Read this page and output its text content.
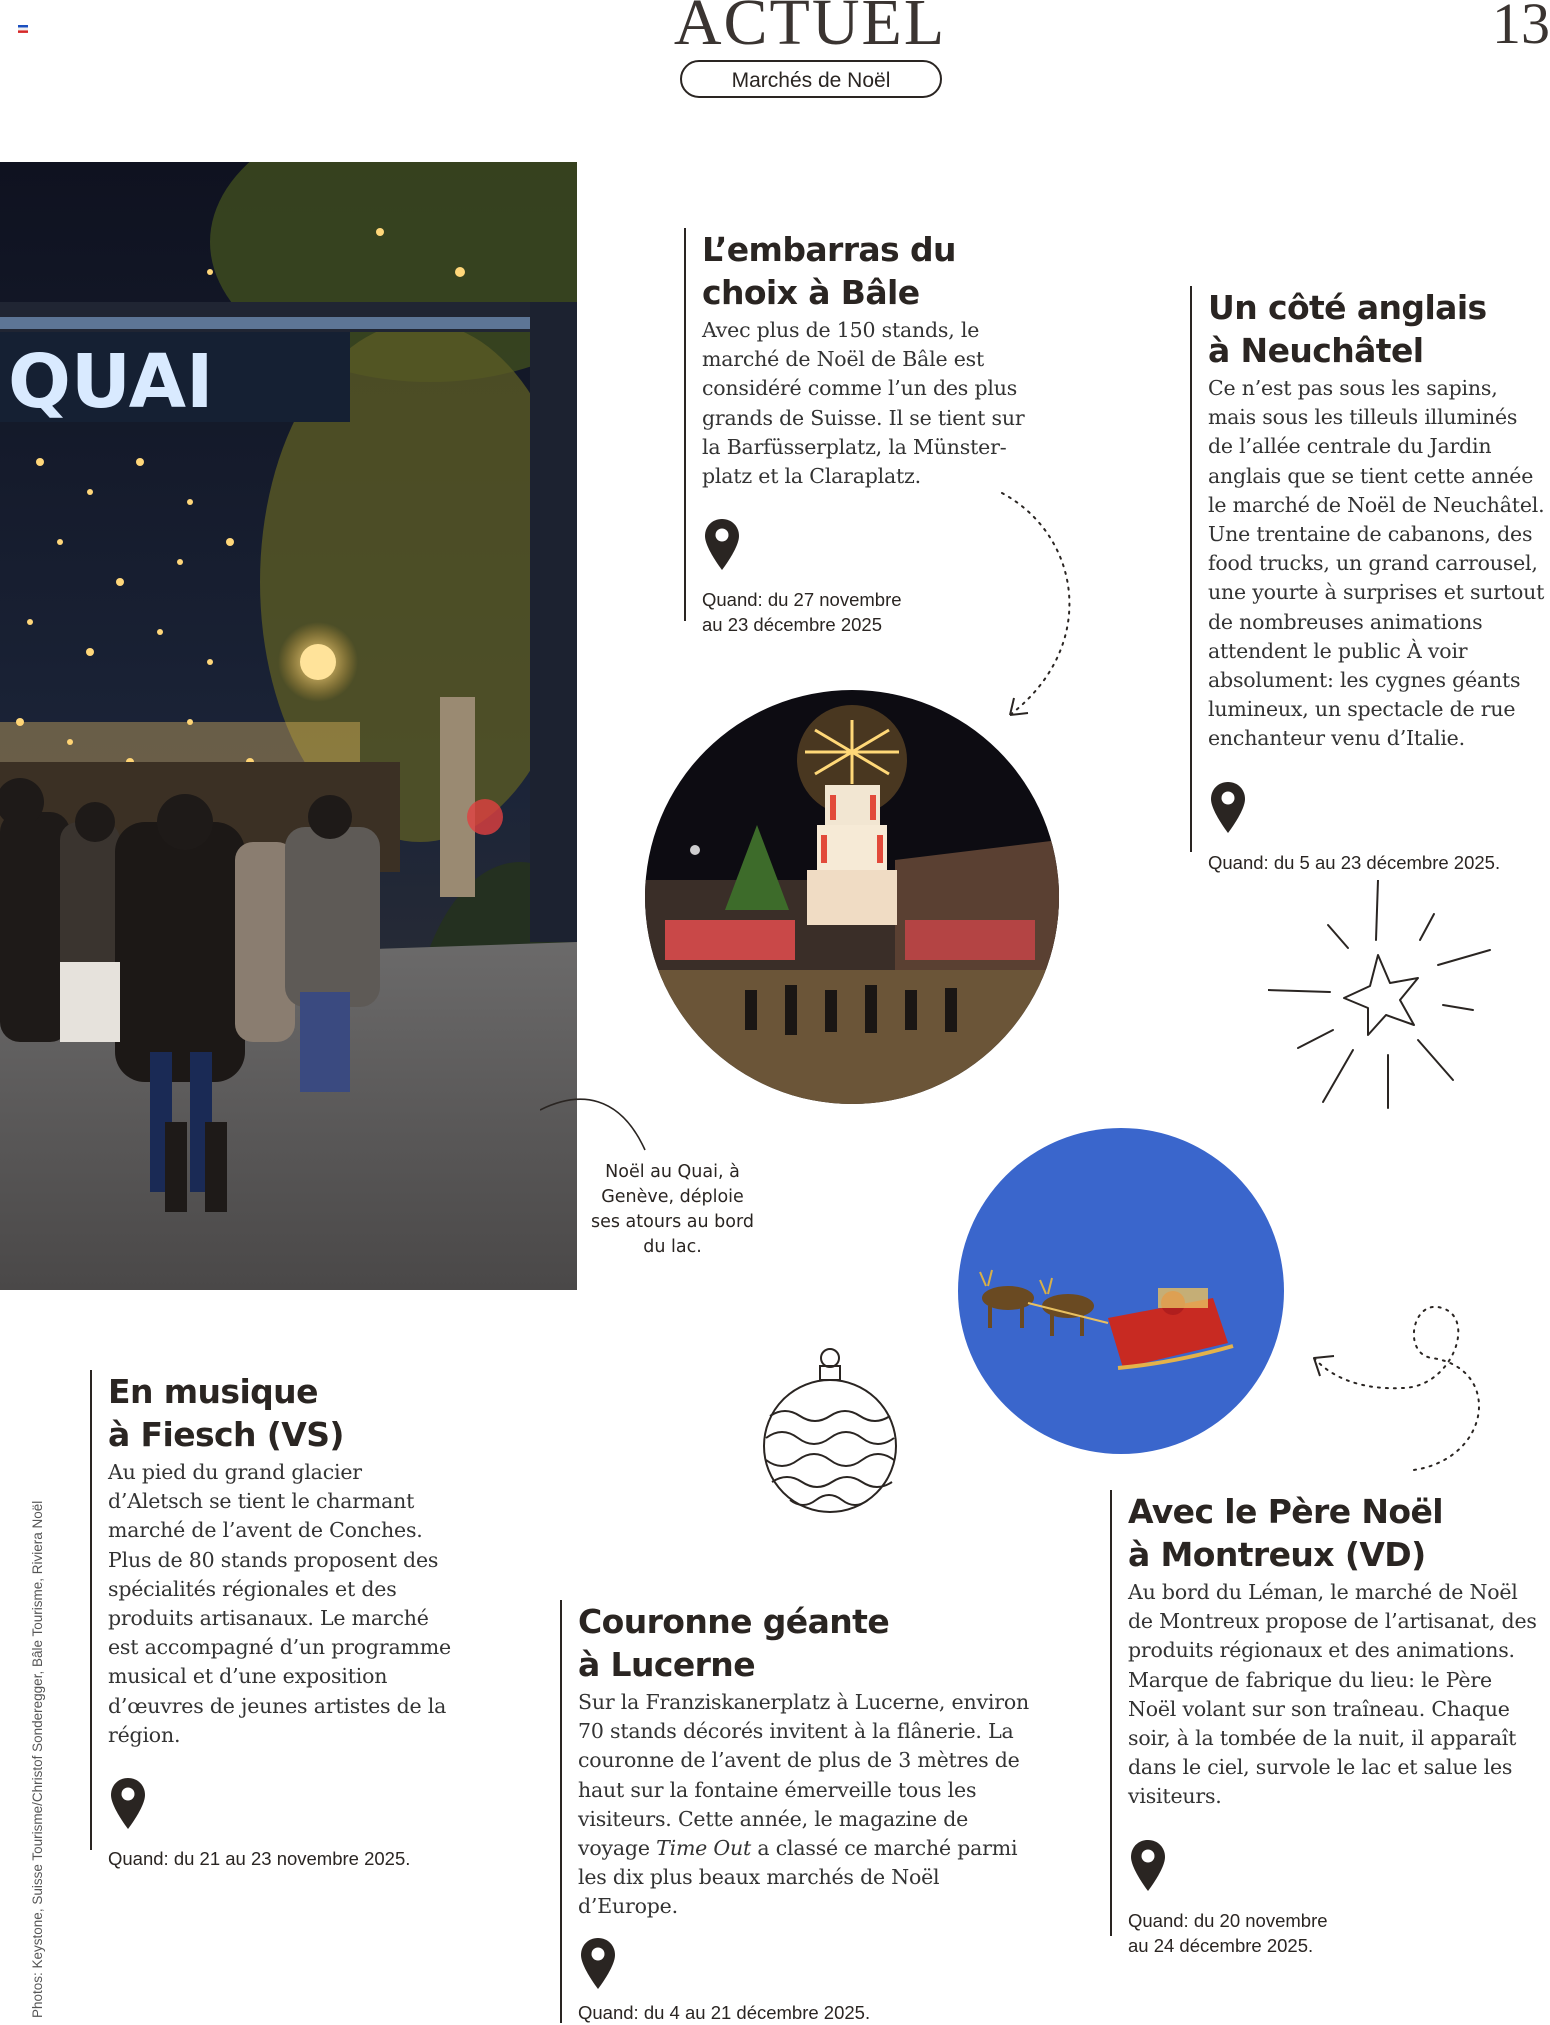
ACTUEL	13
Marchés de Noël
QUAI
Noël au Quai, à Genève, déploie ses atours au bord du lac.
L’embarras du
choix à Bâle

Avec plus de 150 stands, le marché de Noël de Bâle est considéré comme l’un des plus grands de Suisse. Il se tient sur la Barfüsserplatz, la Münsterplatz et la Claraplatz.

Quand: du 27 novembre
au 23 décembre 2025
Un côté anglais
à Neuchâtel

Ce n’est pas sous les sapins, mais sous les tilleuls illuminés de l’allée centrale du Jardin anglais que se tient cette année le marché de Noël de Neuchâtel. Une trentaine de cabanons, des food trucks, un grand carrousel, une yourte à surprises et surtout de nombreuses animations attendent le public À voir absolument: les cygnes géants lumineux, un spectacle de rue enchanteur venu d’Italie.

Quand: du 5 au 23 décembre 2025.
En musique
à Fiesch (VS)

Au pied du grand glacier d’Aletsch se tient le charmant marché de l’avent de Conches. Plus de 80 stands proposent des spécialités régionales et des produits artisanaux. Le marché est accompagné d’un programme musical et d’une exposition d’œuvres de jeunes artistes de la région.

Quand: du 21 au 23 novembre 2025.
Couronne géante
à Lucerne

Sur la Franziskanerplatz à Lucerne, environ 70 stands décorés invitent à la flânerie. La couronne de l’avent de plus de 3 mètres de haut sur la fontaine émerveille tous les visiteurs. Cette année, le magazine de voyage Time Out a classé ce marché parmi les dix plus beaux marchés de Noël d’Europe.

Quand: du 4 au 21 décembre 2025.
Avec le Père Noël
à Montreux (VD)

Au bord du Léman, le marché de Noël de Montreux propose de l’artisanat, des produits régionaux et des animations. Marque de fabrique du lieu: le Père Noël volant sur son traîneau. Chaque soir, à la tombée de la nuit, il apparaît dans le ciel, survole le lac et salue les visiteurs.

Quand: du 20 novembre
au 24 décembre 2025.
Photos: Keystone, Suisse Tourisme/Christof Sonderegger, Bâle Tourisme, Riviera Noël
